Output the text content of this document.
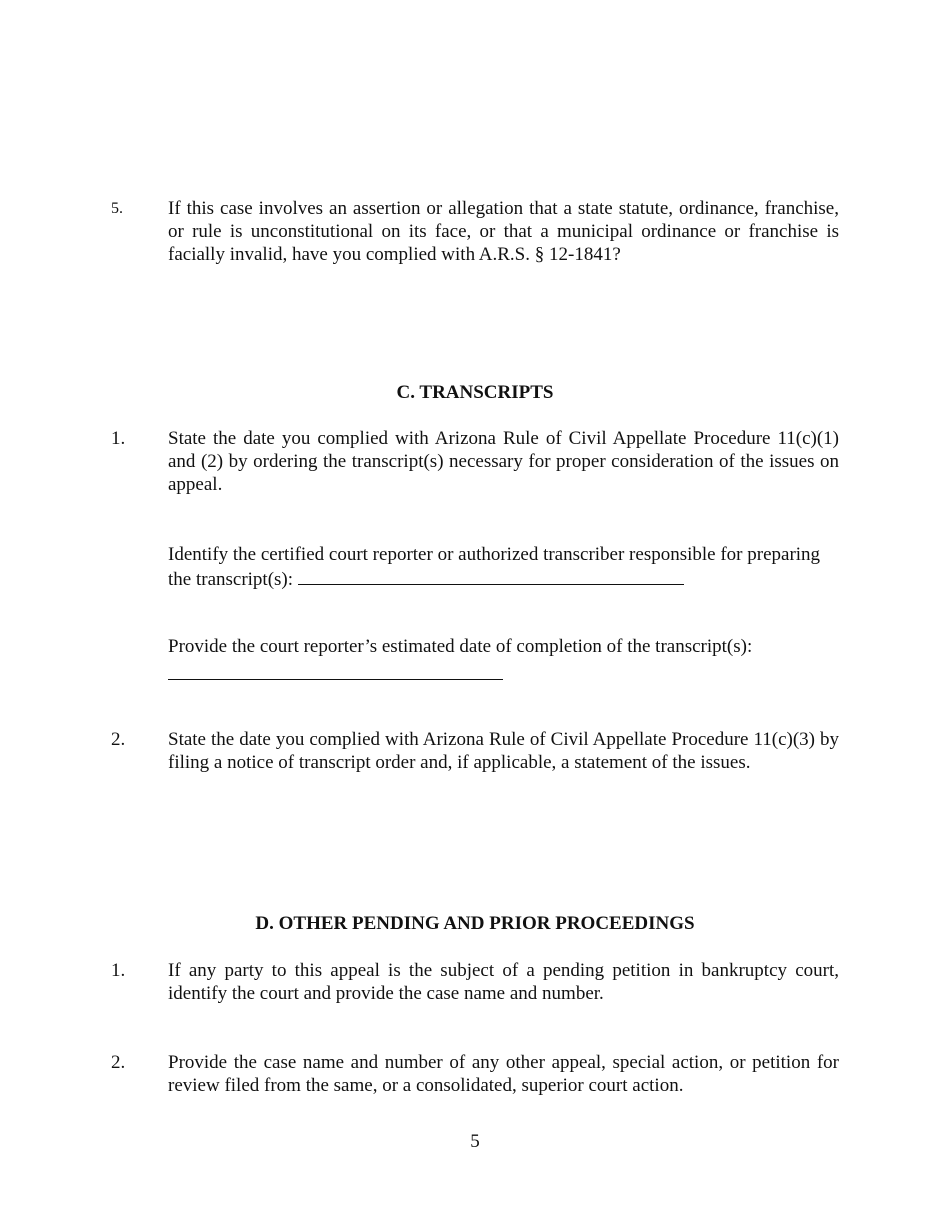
5. If this case involves an assertion or allegation that a state statute, ordinance, franchise, or rule is unconstitutional on its face, or that a municipal ordinance or franchise is facially invalid, have you complied with A.R.S. § 12-1841?
C. TRANSCRIPTS
1. State the date you complied with Arizona Rule of Civil Appellate Procedure 11(c)(1) and (2) by ordering the transcript(s) necessary for proper consideration of the issues on appeal.
Identify the certified court reporter or authorized transcriber responsible for preparing the transcript(s):
Provide the court reporter’s estimated date of completion of the transcript(s):
2. State the date you complied with Arizona Rule of Civil Appellate Procedure 11(c)(3) by filing a notice of transcript order and, if applicable, a statement of the issues.
D. OTHER PENDING AND PRIOR PROCEEDINGS
1. If any party to this appeal is the subject of a pending petition in bankruptcy court, identify the court and provide the case name and number.
2. Provide the case name and number of any other appeal, special action, or petition for review filed from the same, or a consolidated, superior court action.
5
